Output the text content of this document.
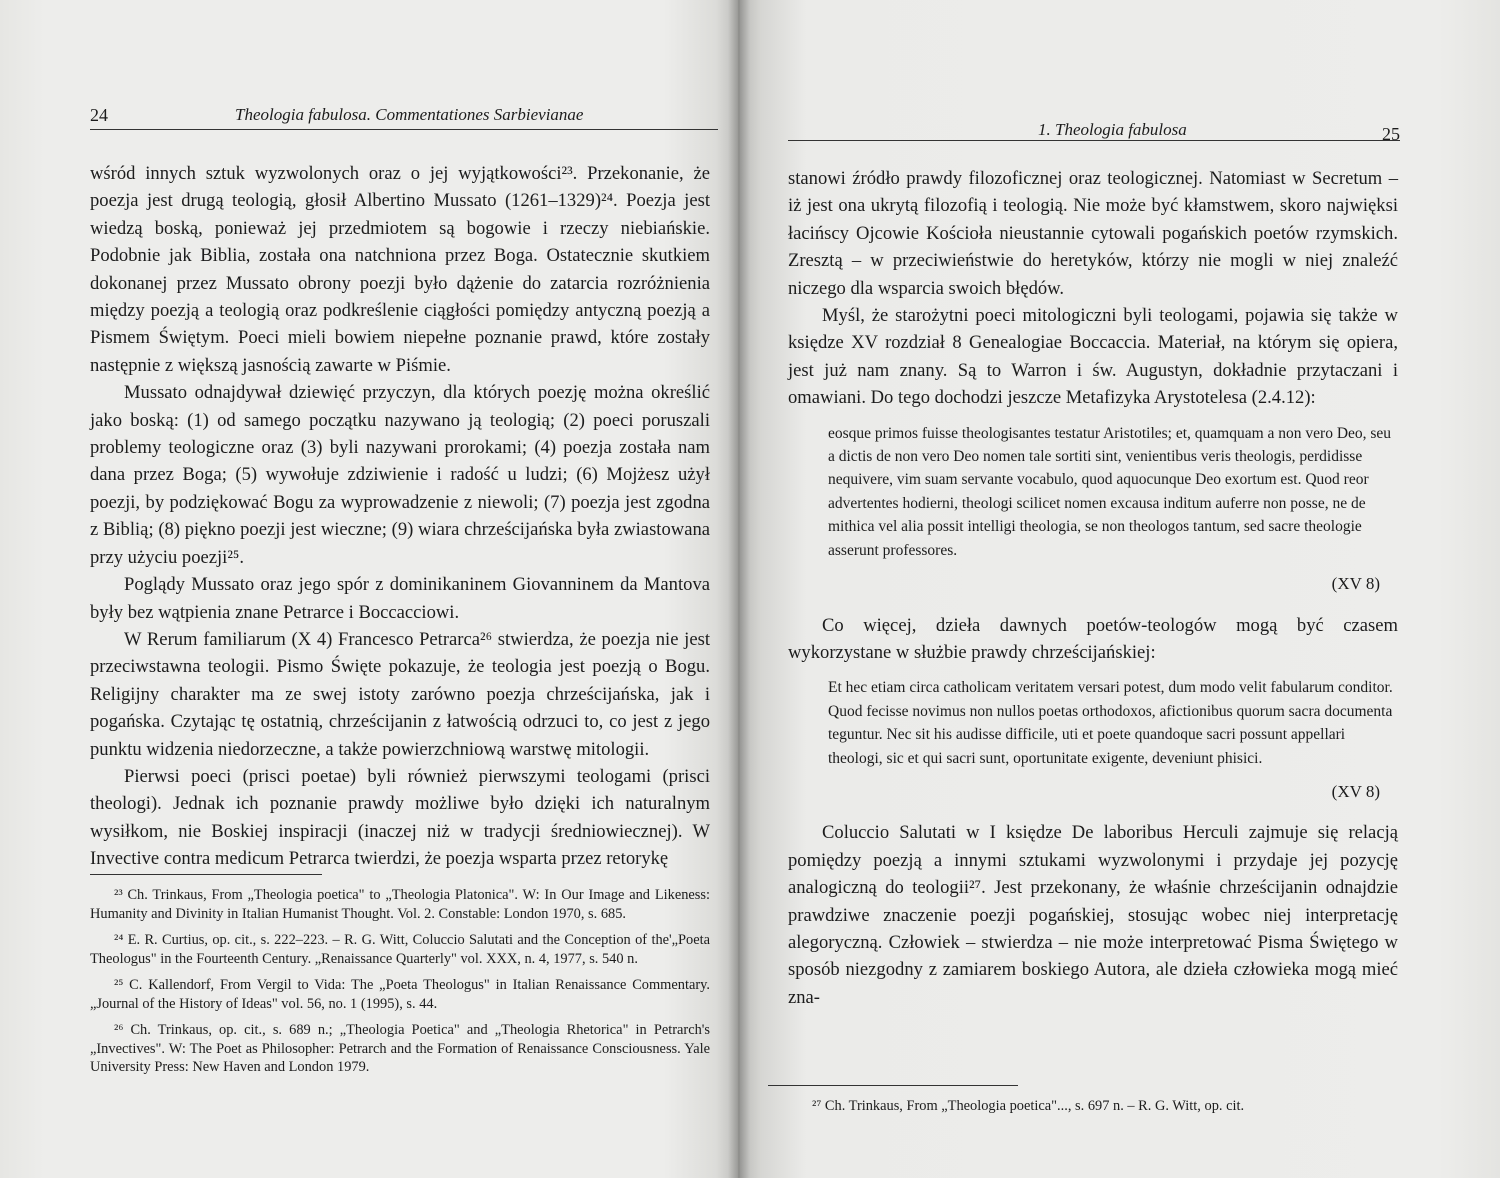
24	Theologia fabulosa. Commentationes Sarbievianae

wśród innych sztuk wyzwolonych oraz o jej wyjątkowości²³. Przekonanie, że poezja jest drugą teologią, głosił Albertino Mussato (1261–1329)²⁴. Poezja jest wiedzą boską, ponieważ jej przedmiotem są bogowie i rzeczy niebiańskie. Podobnie jak Biblia, została ona natchniona przez Boga. Ostatecznie skutkiem dokonanej przez Mussato obrony poezji było dążenie do zatarcia rozróżnienia między poezją a teologią oraz podkreślenie ciągłości pomiędzy antyczną poezją a Pismem Świętym. Poeci mieli bowiem niepełne poznanie prawd, które zostały następnie z większą jasnością zawarte w Piśmie.

Mussato odnajdywał dziewięć przyczyn, dla których poezję można określić jako boską: (1) od samego początku nazywano ją teologią; (2) poeci poruszali problemy teologiczne oraz (3) byli nazywani prorokami; (4) poezja została nam dana przez Boga; (5) wywołuje zdziwienie i radość u ludzi; (6) Mojżesz użył poezji, by podziękować Bogu za wyprowadzenie z niewoli; (7) poezja jest zgodna z Biblią; (8) piękno poezji jest wieczne; (9) wiara chrześcijańska była zwiastowana przy użyciu poezji²⁵.

Poglądy Mussato oraz jego spór z dominikaninem Giovanninem da Mantova były bez wątpienia znane Petrarce i Boccacciowi.

W Rerum familiarum (X 4) Francesco Petrarca²⁶ stwierdza, że poezja nie jest przeciwstawna teologii. Pismo Święte pokazuje, że teologia jest poezją o Bogu. Religijny charakter ma ze swej istoty zarówno poezja chrześcijańska, jak i pogańska. Czytając tę ostatnią, chrześcijanin z łatwością odrzuci to, co jest z jego punktu widzenia niedorzeczne, a także powierzchniową warstwę mitologii.

Pierwsi poeci (prisci poetae) byli również pierwszymi teologami (prisci theologi). Jednak ich poznanie prawdy możliwe było dzięki ich naturalnym wysiłkom, nie Boskiej inspiracji (inaczej niż w tradycji średniowiecznej). W Invective contra medicum Petrarca twierdzi, że poezja wsparta przez retorykę

²³ Ch. Trinkaus, From „Theologia poetica" to „Theologia Platonica". W: In Our Image and Likeness: Humanity and Divinity in Italian Humanist Thought. Vol. 2. Constable: London 1970, s. 685.
²⁴ E. R. Curtius, op. cit., s. 222–223. – R. G. Witt, Coluccio Salutati and the Conception of the'„Poeta Theologus" in the Fourteenth Century. „Renaissance Quarterly" vol. XXX, n. 4, 1977, s. 540 n.
²⁵ C. Kallendorf, From Vergil to Vida: The „Poeta Theologus" in Italian Renaissance Commentary. „Journal of the History of Ideas" vol. 56, no. 1 (1995), s. 44.
²⁶ Ch. Trinkaus, op. cit., s. 689 n.; „Theologia Poetica" and „Theologia Rhetorica" in Petrarch's „Invectives". W: The Poet as Philosopher: Petrarch and the Formation of Renaissance Consciousness. Yale University Press: New Haven and London 1979.
1. Theologia fabulosa	25

stanowi źródło prawdy filozoficznej oraz teologicznej. Natomiast w Secretum – iż jest ona ukrytą filozofią i teologią. Nie może być kłamstwem, skoro najwięksi łacińscy Ojcowie Kościoła nieustannie cytowali pogańskich poetów rzymskich. Zresztą – w przeciwieństwie do heretyków, którzy nie mogli w niej znaleźć niczego dla wsparcia swoich błędów.

Myśl, że starożytni poeci mitologiczni byli teologami, pojawia się także w księdze XV rozdział 8 Genealogiae Boccaccia. Materiał, na którym się opiera, jest już nam znany. Są to Warron i św. Augustyn, dokładnie przytaczani i omawiani. Do tego dochodzi jeszcze Metafizyka Arystotelesa (2.4.12):

eosque primos fuisse theologisantes testatur Aristotiles; et, quamquam a non vero Deo, seu a dictis de non vero Deo nomen tale sortiti sint, venientibus veris theologis, perdidisse nequivere, vim suam servante vocabulo, quod aquocunque Deo exortum est. Quod reor advertentes hodierni, theologi scilicet nomen excausa inditum auferre non posse, ne de mithica vel alia possit intelligi theologia, se non theologos tantum, sed sacre theologie asserunt professores.
(XV 8)

Co więcej, dzieła dawnych poetów-teologów mogą być czasem wykorzystane w służbie prawdy chrześcijańskiej:

Et hec etiam circa catholicam veritatem versari potest, dum modo velit fabularum conditor. Quod fecisse novimus non nullos poetas orthodoxos, afictionibus quorum sacra documenta teguntur. Nec sit his audisse difficile, uti et poete quandoque sacri possunt appellari theologi, sic et qui sacri sunt, oportunitate exigente, deveniunt phisici.
(XV 8)

Coluccio Salutati w I księdze De laboribus Herculi zajmuje się relacją pomiędzy poezją a innymi sztukami wyzwolonymi i przydaje jej pozycję analogiczną do teologii²⁷. Jest przekonany, że właśnie chrześcijanin odnajdzie prawdziwe znaczenie poezji pogańskiej, stosując wobec niej interpretację alegoryczną. Człowiek – stwierdza – nie może interpretować Pisma Świętego w sposób niezgodny z zamiarem boskiego Autora, ale dzieła człowieka mogą mieć zna-

²⁷ Ch. Trinkaus, From „Theologia poetica"..., s. 697 n. – R. G. Witt, op. cit.
